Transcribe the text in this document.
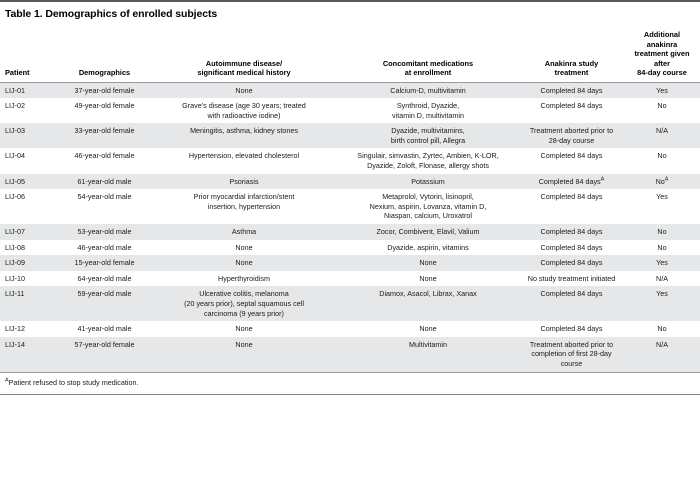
Table 1. Demographics of enrolled subjects
Patient	Demographics	Autoimmune disease/
significant medical history	Concomitant medications
at enrollment	Anakinra study
treatment	Additional anakinra
treatment given after
84-day course
LIJ-01	37-year-old female	None	Calcium-D, multivitamin	Completed 84 days	Yes
LIJ-02	49-year-old female	Grave's disease (age 30 years; treated
with radioactive iodine)	Synthroid, Dyazide,
vitamin D, multivitamin	Completed 84 days	No
LIJ-03	33-year-old female	Meningitis, asthma, kidney stones	Dyazide, multivitamins,
birth control pill, Allegra	Treatment aborted prior to
28-day course	N/A
LIJ-04	46-year-old female	Hypertension, elevated cholesterol	Singulair, simvastin, Zyrtec, Ambien, K-LOR,
Dyazide, Zoloft, Flonase, allergy shots	Completed 84 days	No
LIJ-05	61-year-old male	Psoriasis	Potassium	Completed 84 days$^A$	No$^A$
LIJ-06	54-year-old male	Prior myocardial infarction/stent
insertion, hypertension	Metaprolol, Vytorin, lisinopril,
Nexium, aspirin, Lovanza, vitamin D,
Niaspan, calcium, Uroxatrol	Completed 84 days	Yes
LIJ-07	53-year-old male	Asthma	Zocor, Combivent, Elavil, Valium	Completed 84 days	No
LIJ-08	46-year-old male	None	Dyazide, aspirin, vitamins	Completed 84 days	No
LIJ-09	15-year-old female	None	None	Completed 84 days	Yes
LIJ-10	64-year-old male	Hyperthyroidism	None	No study treatment initiated	N/A
LIJ-11	59-year-old male	Ulcerative colitis, melanoma
(20 years prior), septal squamous cell
carcinoma (9 years prior)	Diamox, Asacol, Librax, Xanax	Completed 84 days	Yes
LIJ-12	41-year-old male	None	None	Completed 84 days	No
LIJ-14	57-year-old female	None	Multivitamin	Treatment aborted prior to
completion of first 28-day course	N/A
$^A$Patient refused to stop study medication.
